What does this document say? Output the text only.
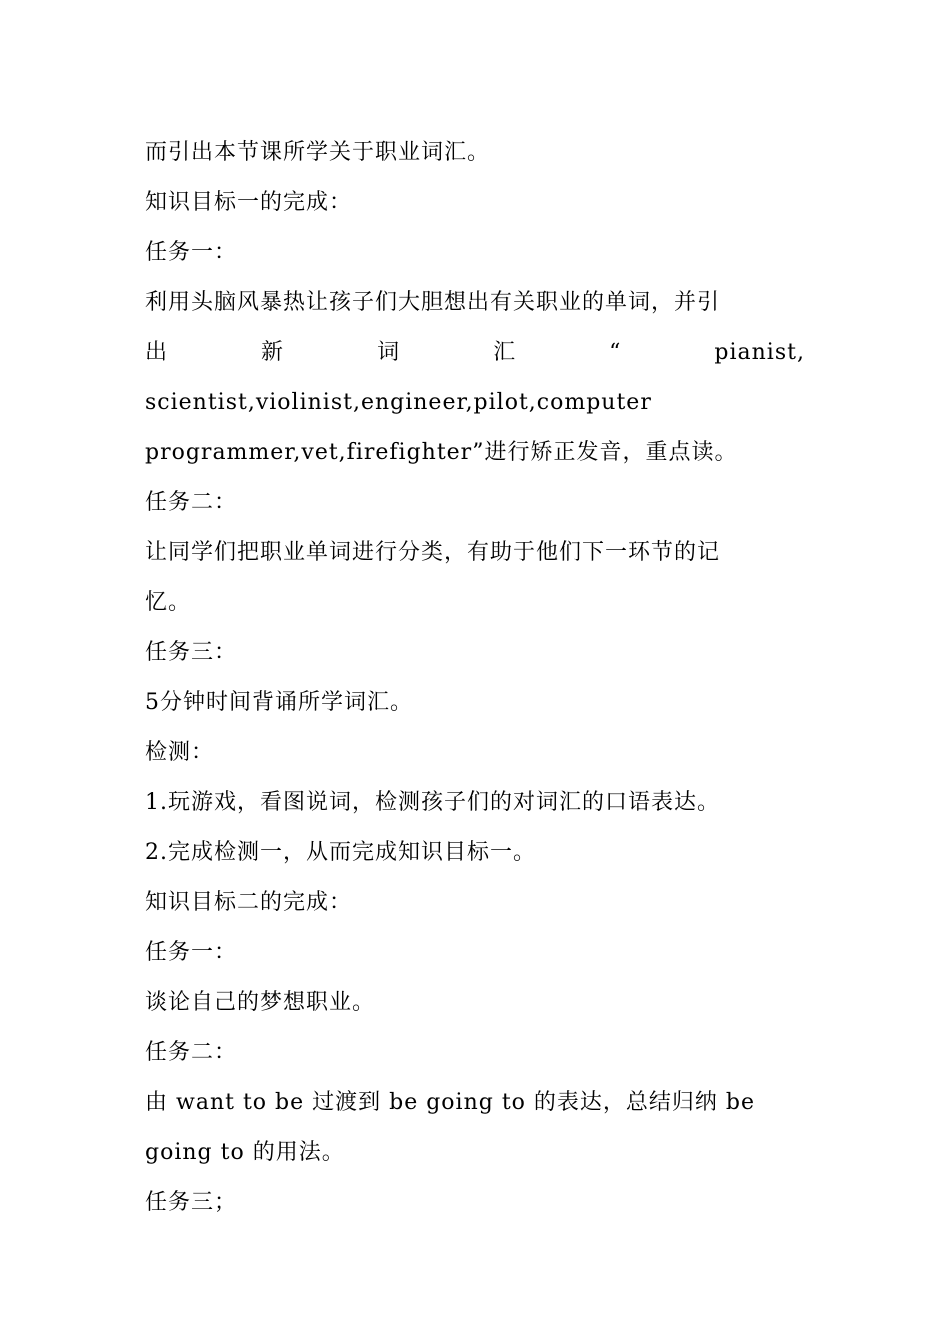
而引出本节课所学关于职业词汇。
知识目标一的完成：
任务一：
利用头脑风暴热让孩子们大胆想出有关职业的单词，并引
出	新	词	汇	“	pianist,
scientist,violinist,engineer,pilot,computer
programmer,vet,firefighter”进行矫正发音，重点读。
任务二：
让同学们把职业单词进行分类，有助于他们下一环节的记
忆。
任务三：
5分钟时间背诵所学词汇。
检测：
1.玩游戏，看图说词，检测孩子们的对词汇的口语表达。
2.完成检测一，从而完成知识目标一。
知识目标二的完成：
任务一：
谈论自己的梦想职业。
任务二：
由 want to be 过渡到 be going to 的表达，总结归纳 be
going to 的用法。
任务三；
